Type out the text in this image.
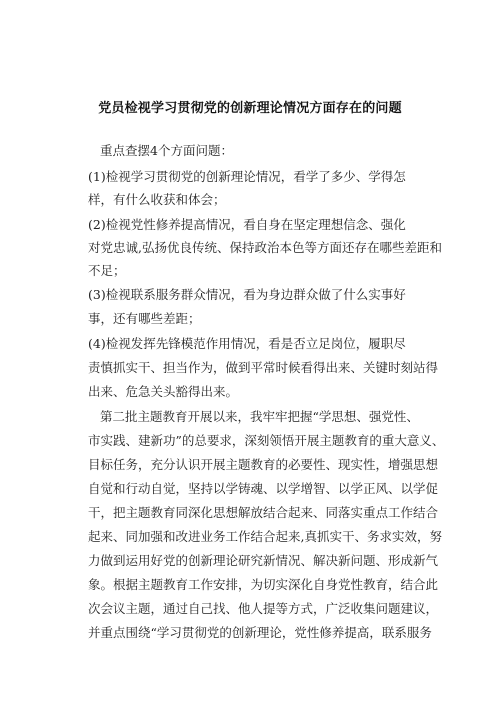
党员检视学习贯彻党的创新理论情况方面存在的问题
重点查摆4个方面问题：
(1)检视学习贯彻党的创新理论情况，看学了多少、学得怎
样，有什么收获和体会；
(2)检视党性修养提高情况，看自身在坚定理想信念、强化
对党忠诚,弘扬优良传统、保持政治本色等方面还存在哪些差距和
不足；
(3)检视联系服务群众情况，看为身边群众做了什么实事好
事，还有哪些差距；
(4)检视发挥先锋模范作用情况，看是否立足岗位，履职尽
责慎抓实干、担当作为，做到平常时候看得出来、关键时刻站得
出来、危急关头豁得出来。
第二批主题教育开展以来，我牢牢把握“学思想、强党性、
市实践、建新功”的总要求，深刻领悟开展主题教育的重大意义、
目标任务，充分认识开展主题教育的必要性、现实性，增强思想
自觉和行动自觉，坚持以学铸魂、以学增智、以学正风、以学促
干，把主题教育同深化思想解放结合起来、同落实重点工作结合
起来、同加强和改进业务工作结合起来,真抓实干、务求实效，努
力做到运用好党的创新理论研究新情况、解决新问题、形成新气
象。根据主题教育工作安排，为切实深化自身党性教育，结合此
次会议主题，通过自己找、他人提等方式，广泛收集问题建议，
并重点围绕“学习贯彻党的创新理论，党性修养提高，联系服务
